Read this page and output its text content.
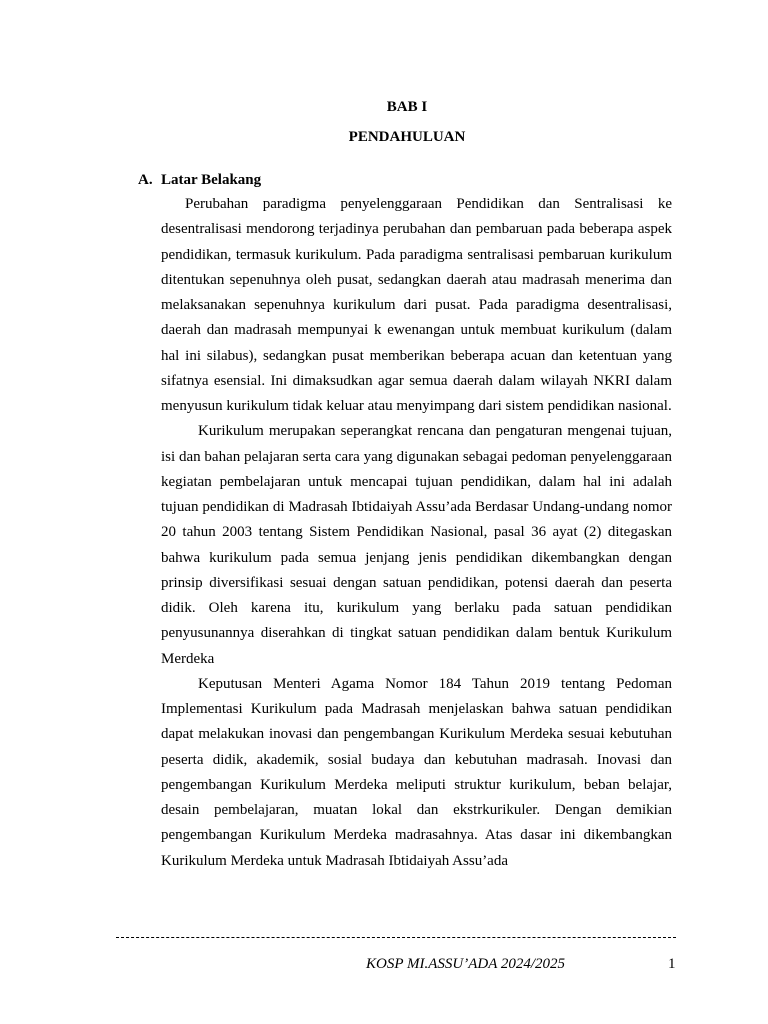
BAB I
PENDAHULUAN
A. Latar Belakang

Perubahan paradigma penyelenggaraan Pendidikan dan Sentralisasi ke desentralisasi mendorong terjadinya perubahan dan pembaruan pada beberapa aspek pendidikan, termasuk kurikulum. Pada paradigma sentralisasi pembaruan kurikulum ditentukan sepenuhnya oleh pusat, sedangkan daerah atau madrasah menerima dan melaksanakan sepenuhnya kurikulum dari pusat. Pada paradigma desentralisasi, daerah dan madrasah mempunyai k ewenangan untuk membuat kurikulum (dalam hal ini silabus), sedangkan pusat memberikan beberapa acuan dan ketentuan yang sifatnya esensial. Ini dimaksudkan agar semua daerah dalam wilayah NKRI dalam menyusun kurikulum tidak keluar atau menyimpang dari sistem pendidikan nasional.

Kurikulum merupakan seperangkat rencana dan pengaturan mengenai tujuan, isi dan bahan pelajaran serta cara yang digunakan sebagai pedoman penyelenggaraan kegiatan pembelajaran untuk mencapai tujuan pendidikan, dalam hal ini adalah tujuan pendidikan di Madrasah Ibtidaiyah Assu’ada Berdasar Undang-undang nomor 20 tahun 2003 tentang Sistem Pendidikan Nasional, pasal 36 ayat (2) ditegaskan bahwa kurikulum pada semua jenjang jenis pendidikan dikembangkan dengan prinsip diversifikasi sesuai dengan satuan pendidikan, potensi daerah dan peserta didik. Oleh karena itu, kurikulum yang berlaku pada satuan pendidikan penyusunannya diserahkan di tingkat satuan pendidikan dalam bentuk Kurikulum Merdeka

Keputusan Menteri Agama Nomor 184 Tahun 2019 tentang Pedoman Implementasi Kurikulum pada Madrasah menjelaskan bahwa satuan pendidikan dapat melakukan inovasi dan pengembangan Kurikulum Merdeka sesuai kebutuhan peserta didik, akademik, sosial budaya dan kebutuhan madrasah. Inovasi dan pengembangan Kurikulum Merdeka meliputi struktur kurikulum, beban belajar, desain pembelajaran, muatan lokal dan ekstrkurikuler. Dengan demikian pengembangan Kurikulum Merdeka madrasahnya. Atas dasar ini dikembangkan Kurikulum Merdeka untuk Madrasah Ibtidaiyah Assu’ada

KOSP MI.ASSU’ADA 2024/2025	1
